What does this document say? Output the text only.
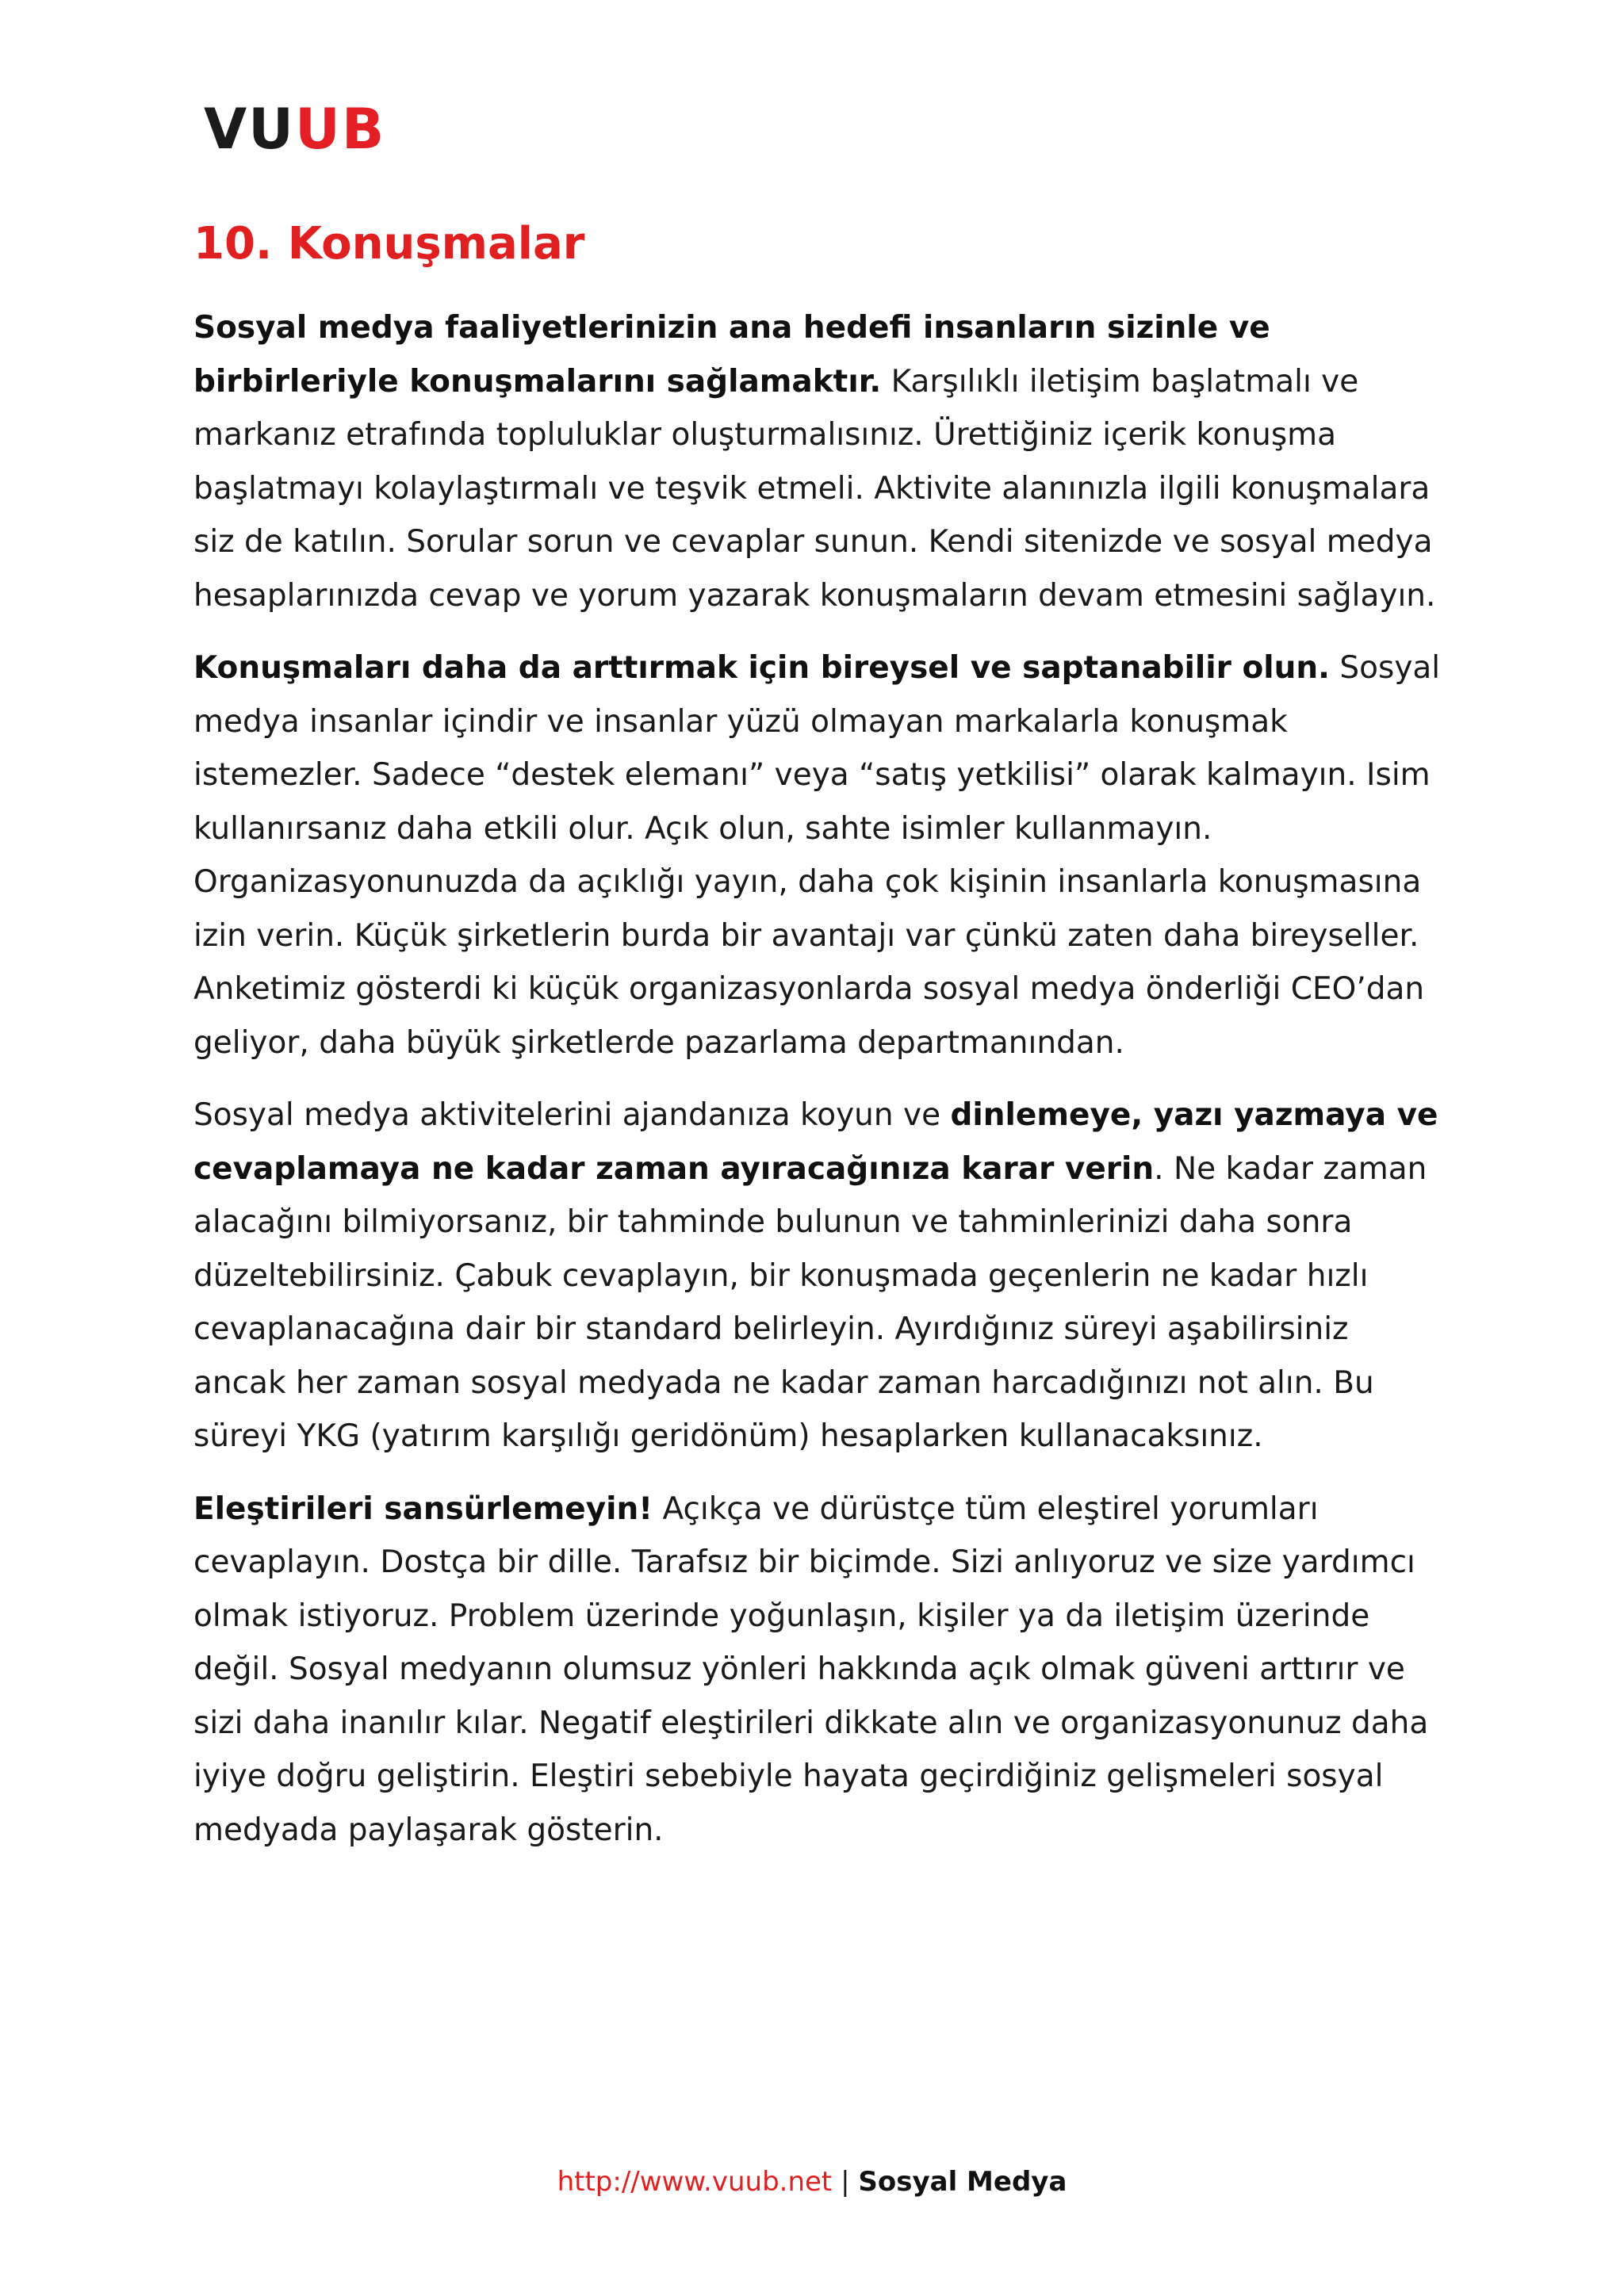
VUUB
10. Konuşmalar

Sosyal medya faaliyetlerinizin ana hedefi insanların sizinle ve birbirleriyle konuşmalarını sağlamaktır. Karşılıklı iletişim başlatmalı ve markanız etrafında topluluklar oluşturmalısınız. Ürettiğiniz içerik konuşma başlatmayı kolaylaştırmalı ve teşvik etmeli. Aktivite alanınızla ilgili konuşmalara siz de katılın. Sorular sorun ve cevaplar sunun. Kendi sitenizde ve sosyal medya hesaplarınızda cevap ve yorum yazarak konuşmaların devam etmesini sağlayın.

Konuşmaları daha da arttırmak için bireysel ve saptanabilir olun. Sosyal medya insanlar içindir ve insanlar yüzü olmayan markalarla konuşmak istemezler. Sadece “destek elemanı” veya “satış yetkilisi” olarak kalmayın. Isim kullanırsanız daha etkili olur. Açık olun, sahte isimler kullanmayın. Organizasyonunuzda da açıklığı yayın, daha çok kişinin insanlarla konuşmasına izin verin. Küçük şirketlerin burda bir avantajı var çünkü zaten daha bireyseller. Anketimiz gösterdi ki küçük organizasyonlarda sosyal medya önderliği CEO’dan geliyor, daha büyük şirketlerde pazarlama departmanından.

Sosyal medya aktivitelerini ajandanıza koyun ve dinlemeye, yazı yazmaya ve cevaplamaya ne kadar zaman ayıracağınıza karar verin. Ne kadar zaman alacağını bilmiyorsanız, bir tahminde bulunun ve tahminlerinizi daha sonra düzeltebilirsiniz. Çabuk cevaplayın, bir konuşmada geçenlerin ne kadar hızlı cevaplanacağına dair bir standard belirleyin. Ayırdığınız süreyi aşabilirsiniz ancak her zaman sosyal medyada ne kadar zaman harcadığınızı not alın. Bu süreyi YKG (yatırım karşılığı geridönüm) hesaplarken kullanacaksınız.

Eleştirileri sansürlemeyin! Açıkça ve dürüstçe tüm eleştirel yorumları cevaplayın. Dostça bir dille. Tarafsız bir biçimde. Sizi anlıyoruz ve size yardımcı olmak istiyoruz. Problem üzerinde yoğunlaşın, kişiler ya da iletişim üzerinde değil. Sosyal medyanın olumsuz yönleri hakkında açık olmak güveni arttırır ve sizi daha inanılır kılar. Negatif eleştirileri dikkate alın ve organizasyonunuz daha iyiye doğru geliştirin. Eleştiri sebebiyle hayata geçirdiğiniz gelişmeleri sosyal medyada paylaşarak gösterin.

http://www.vuub.net | Sosyal Medya
